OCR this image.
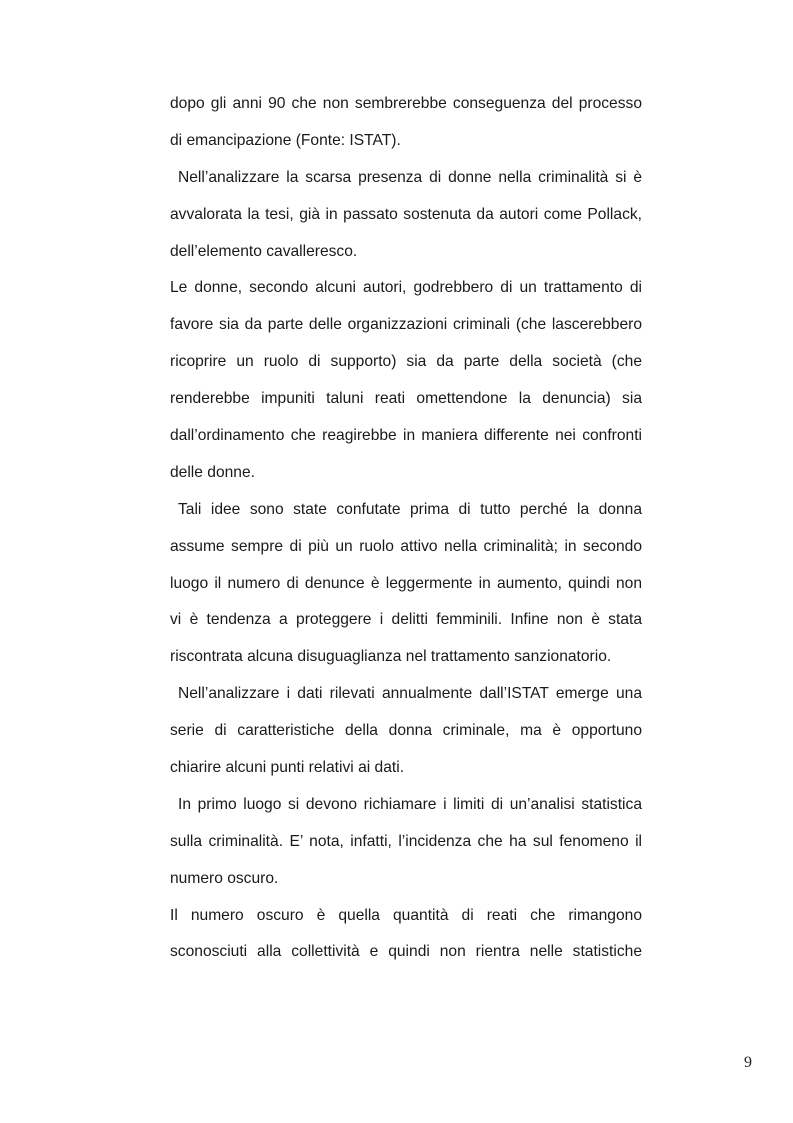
dopo gli anni 90 che non sembrerebbe conseguenza del processo
di emancipazione (Fonte: ISTAT).
Nell’analizzare la scarsa presenza di donne nella criminalità si è
avvalorata la tesi, già in passato sostenuta da autori come Pollack,
dell’elemento cavalleresco.
Le donne, secondo alcuni autori, godrebbero di un trattamento di
favore sia da parte delle organizzazioni criminali (che lascerebbero
ricoprire un ruolo di supporto) sia da parte della società (che
renderebbe impuniti taluni reati omettendone la denuncia) sia
dall’ordinamento che reagirebbe in maniera differente nei confronti
delle donne.
Tali idee sono state confutate prima di tutto perché la donna
assume sempre di più un ruolo attivo nella criminalità; in secondo
luogo il numero di denunce è leggermente in aumento, quindi non
vi è tendenza a proteggere i delitti femminili. Infine non è stata
riscontrata alcuna disuguaglianza nel trattamento sanzionatorio.
Nell’analizzare i dati rilevati annualmente dall’ISTAT emerge una
serie di caratteristiche della donna criminale, ma è opportuno
chiarire alcuni punti relativi ai dati.
In primo luogo si devono richiamare i limiti di un’analisi statistica
sulla criminalità. E’ nota, infatti, l’incidenza che ha sul fenomeno il
numero oscuro.
Il numero oscuro è quella quantità di reati che rimangono
sconosciuti alla collettività e quindi non rientra nelle statistiche
9
